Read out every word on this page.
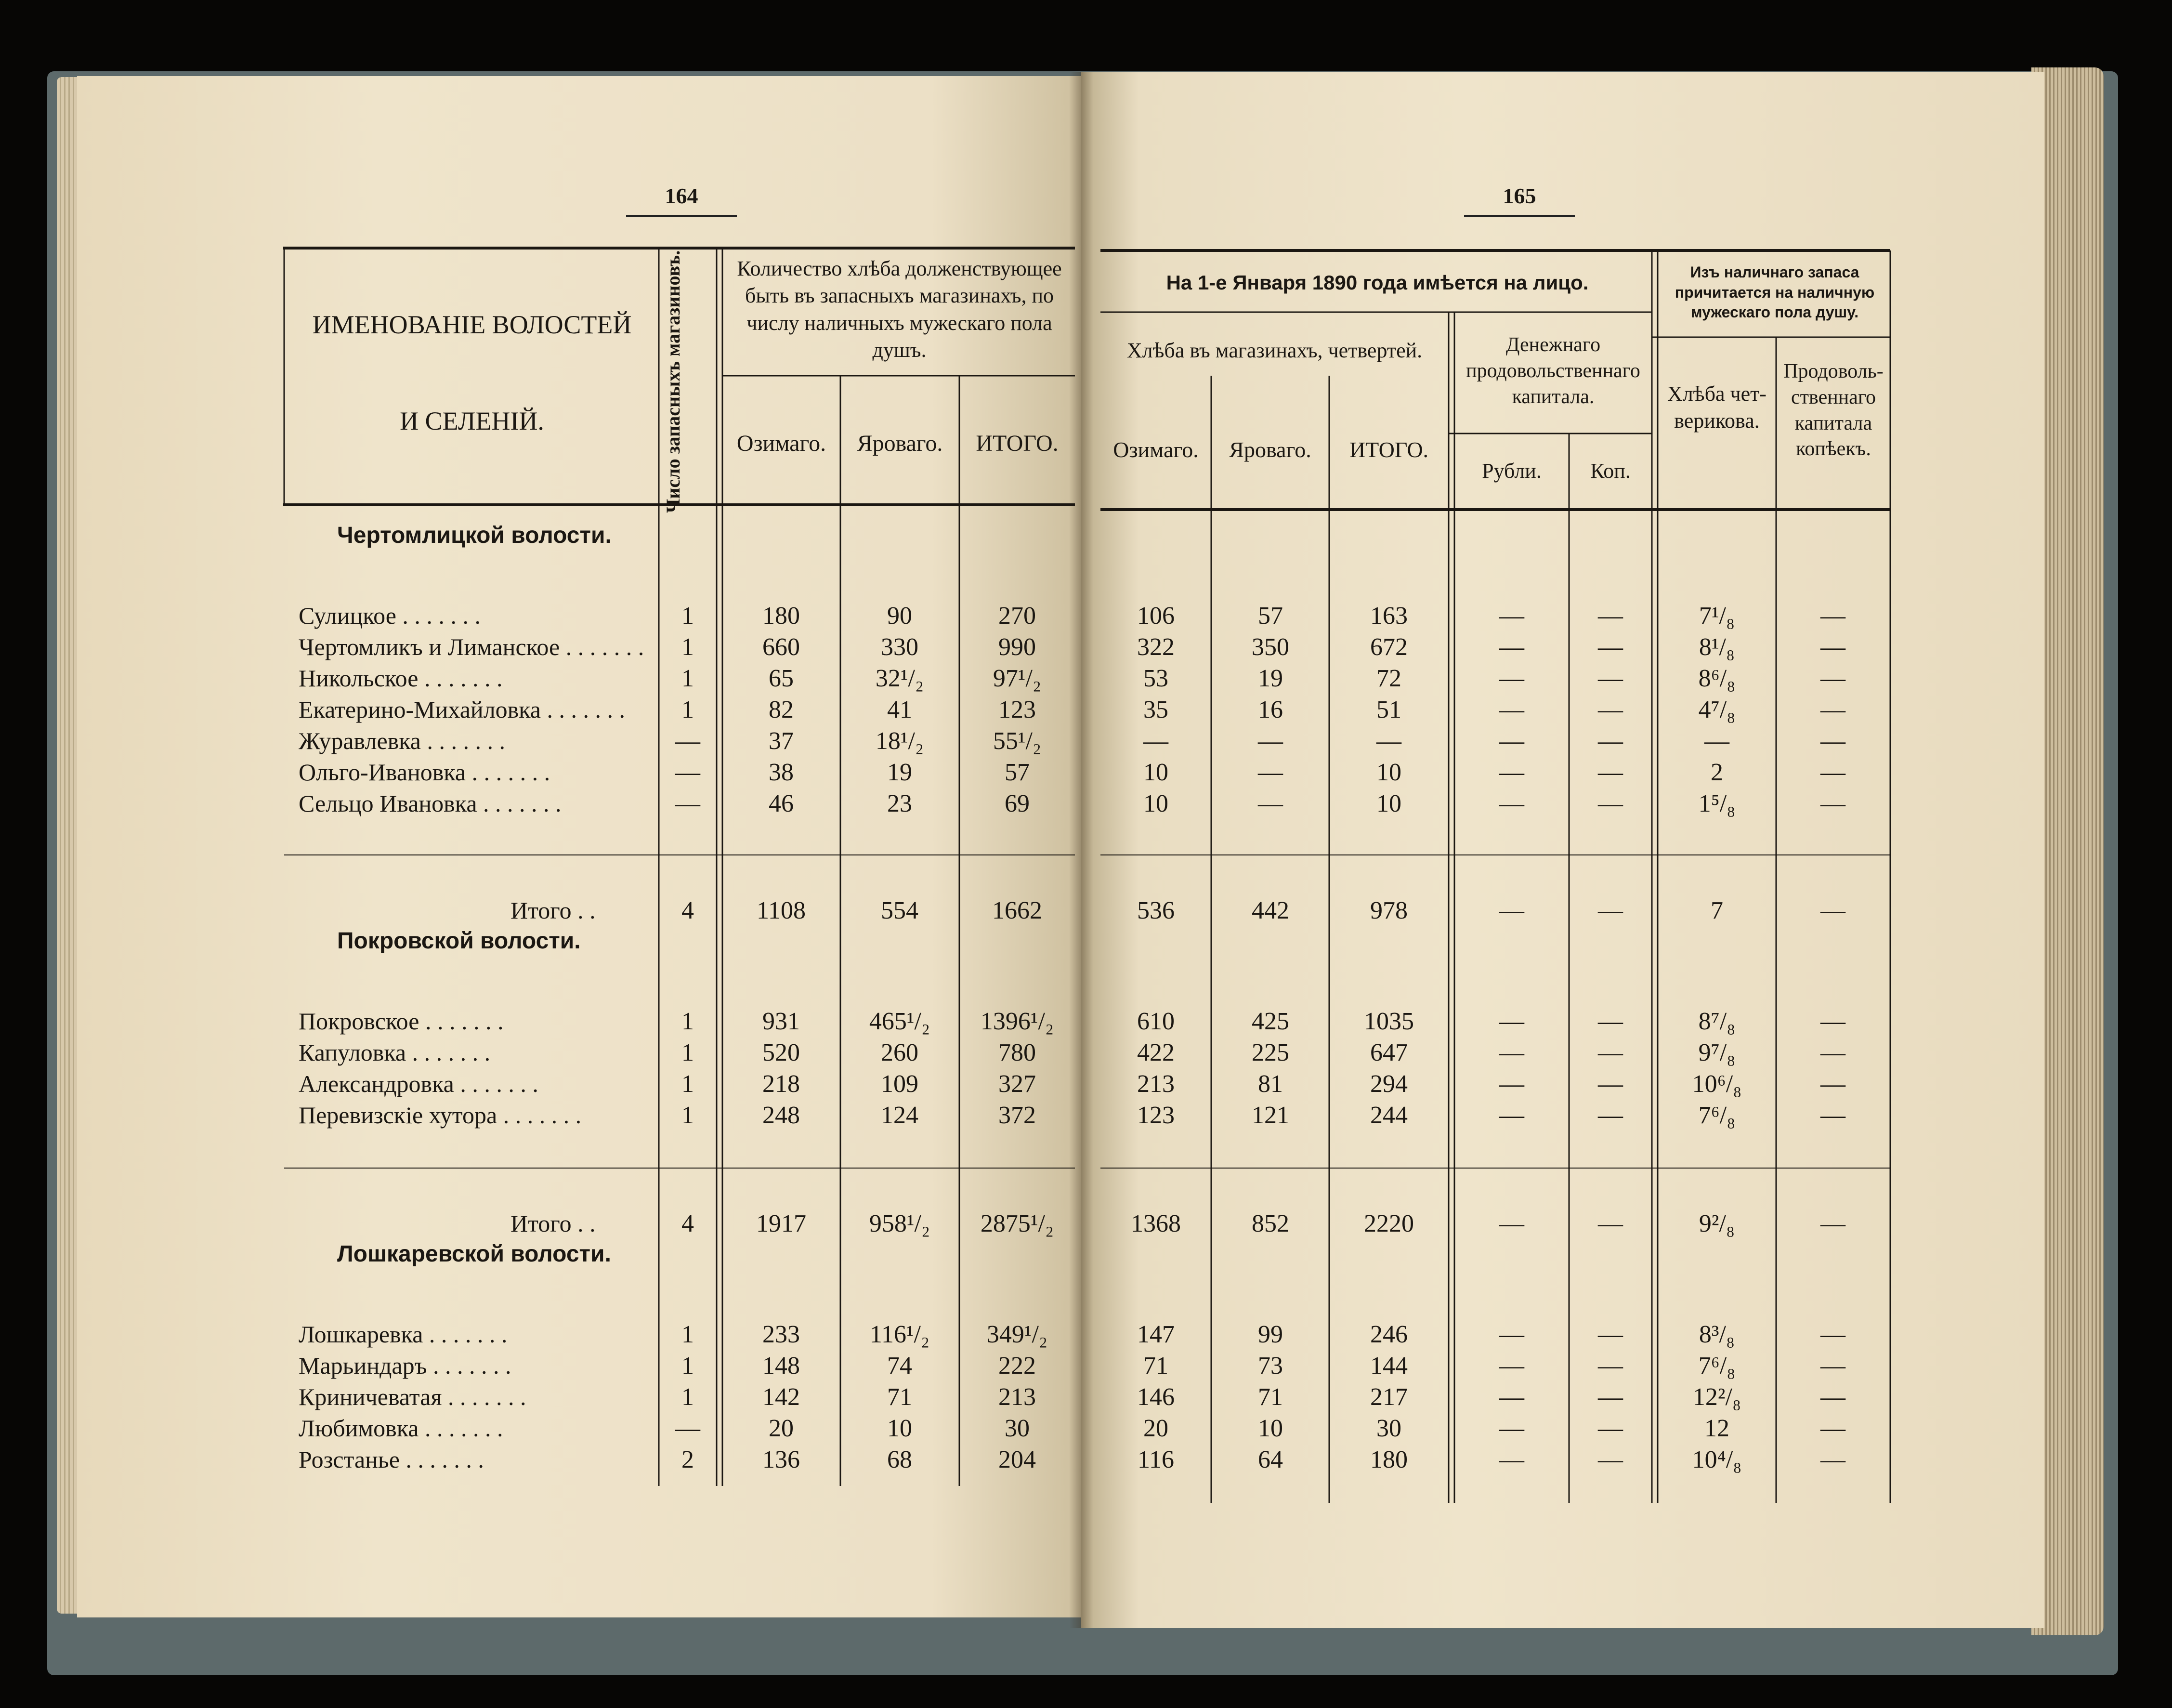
164	165
ИМЕНОВАНІЕ ВОЛОСТЕЙ
И СЕЛЕНІЙ.	Число запасныхъ магазиновъ.	Количество хлѣба долженствующее быть въ запасныхъ магазинахъ, по числу наличныхъ мужескаго пола душъ.
Озимаго.	Яроваго.	ИТОГО.
На 1-е Января 1890 года имѣется на лицо.
Хлѣба въ магазинахъ, четвертей.
Озимаго.	Яроваго.	ИТОГО.
Денежнаго продовольственнаго капитала.
Рубли.	Коп.
Изъ наличнаго запаса причитается на наличную мужескаго пола душу.
Хлѣба четверикова.
Продовольственнаго капитала копѣекъ.
Чертомлицкой волости.
Сулицкое . . . . . . .	1	180	90	270	106	57	163	—	—	7¹/₈	—
Чертомликъ и Лиманское . . . . . . .	1	660	330	990	322	350	672	—	—	8¹/₈	—
Никольское . . . . . . .	1	65	32¹/₂	97¹/₂	53	19	72	—	—	8⁶/₈	—
Екатерино-Михайловка . . . . . . .	1	82	41	123	35	16	51	—	—	4⁷/₈	—
Журавлевка . . . . . . .	—	37	18¹/₂	55¹/₂	—	—	—	—	—	—	—
Ольго-Ивановка . . . . . . .	—	38	19	57	10	—	10	—	—	2	—
Сельцо Ивановка . . . . . . .	—	46	23	69	10	—	10	—	—	1⁵/₈	—
Итого . .	4	1108	554	1662	536	442	978	—	—	7	—
Покровской волости.
Покровское . . . . . . .	1	931	465¹/₂	1396¹/₂	610	425	1035	—	—	8⁷/₈	—
Капуловка . . . . . . .	1	520	260	780	422	225	647	—	—	9⁷/₈	—
Александровка . . . . . . .	1	218	109	327	213	81	294	—	—	10⁶/₈	—
Перевизскіе хутора . . . . . . .	1	248	124	372	123	121	244	—	—	7⁶/₈	—
Итого . .	4	1917	958¹/₂	2875¹/₂	1368	852	2220	—	—	9²/₈	—
Лошкаревской волости.
Лошкаревка . . . . . . .	1	233	116¹/₂	349¹/₂	147	99	246	—	—	8³/₈	—
Марьиндаръ . . . . . . .	1	148	74	222	71	73	144	—	—	7⁶/₈	—
Криничеватая . . . . . . .	1	142	71	213	146	71	217	—	—	12²/₈	—
Любимовка . . . . . . .	—	20	10	30	20	10	30	—	—	12	—
Розстанье . . . . . . .	2	136	68	204	116	64	180	—	—	10⁴/₈	—
